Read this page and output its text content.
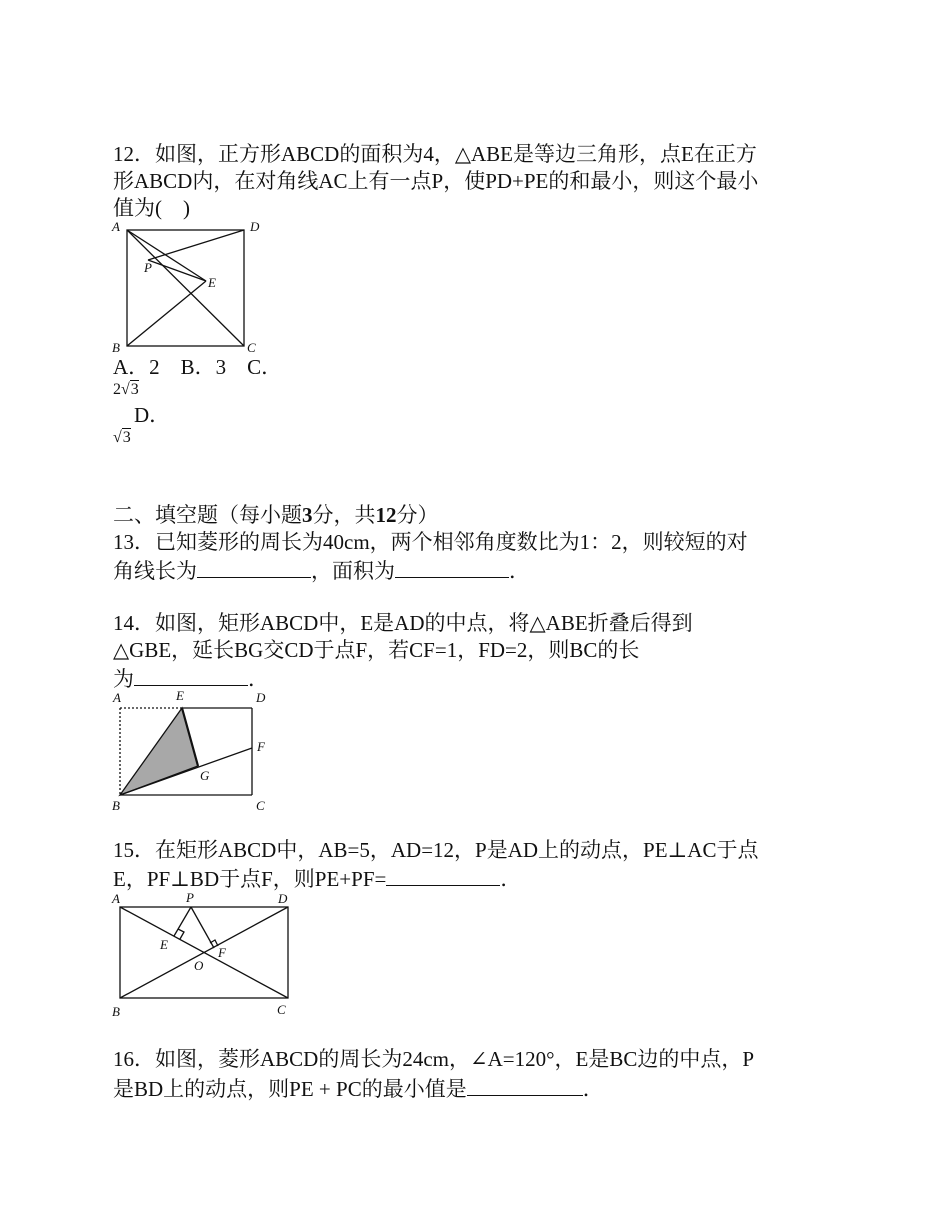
12．如图，正方形ABCD的面积为4，△ABE是等边三角形，点E在正方
形ABCD内，在对角线AC上有一点P，使PD+PE的和最小，则这个最小
值为(　)
A	D
P
E
B	C
A．2　B．3　C．
2√3
D．
√3
二、填空题（每小题3分，共12分）
13．已知菱形的周长为40cm，两个相邻角度数比为1：2，则较短的对
角线长为	，面积为	．
14．如图，矩形ABCD中，E是AD的中点，将△ABE折叠后得到
△GBE，延长BG交CD于点F，若CF=1，FD=2，则BC的长
为	．
A	E	D
F
G
B	C
15．在矩形ABCD中，AB=5，AD=12，P是AD上的动点，PE⊥AC于点
E，PF⊥BD于点F，则PE+PF=	．
A	P	D
E
F
O
B	C
16．如图，菱形ABCD的周长为24cm，∠A=120°，E是BC边的中点，P
是BD上的动点，则PE + PC的最小值是	．
